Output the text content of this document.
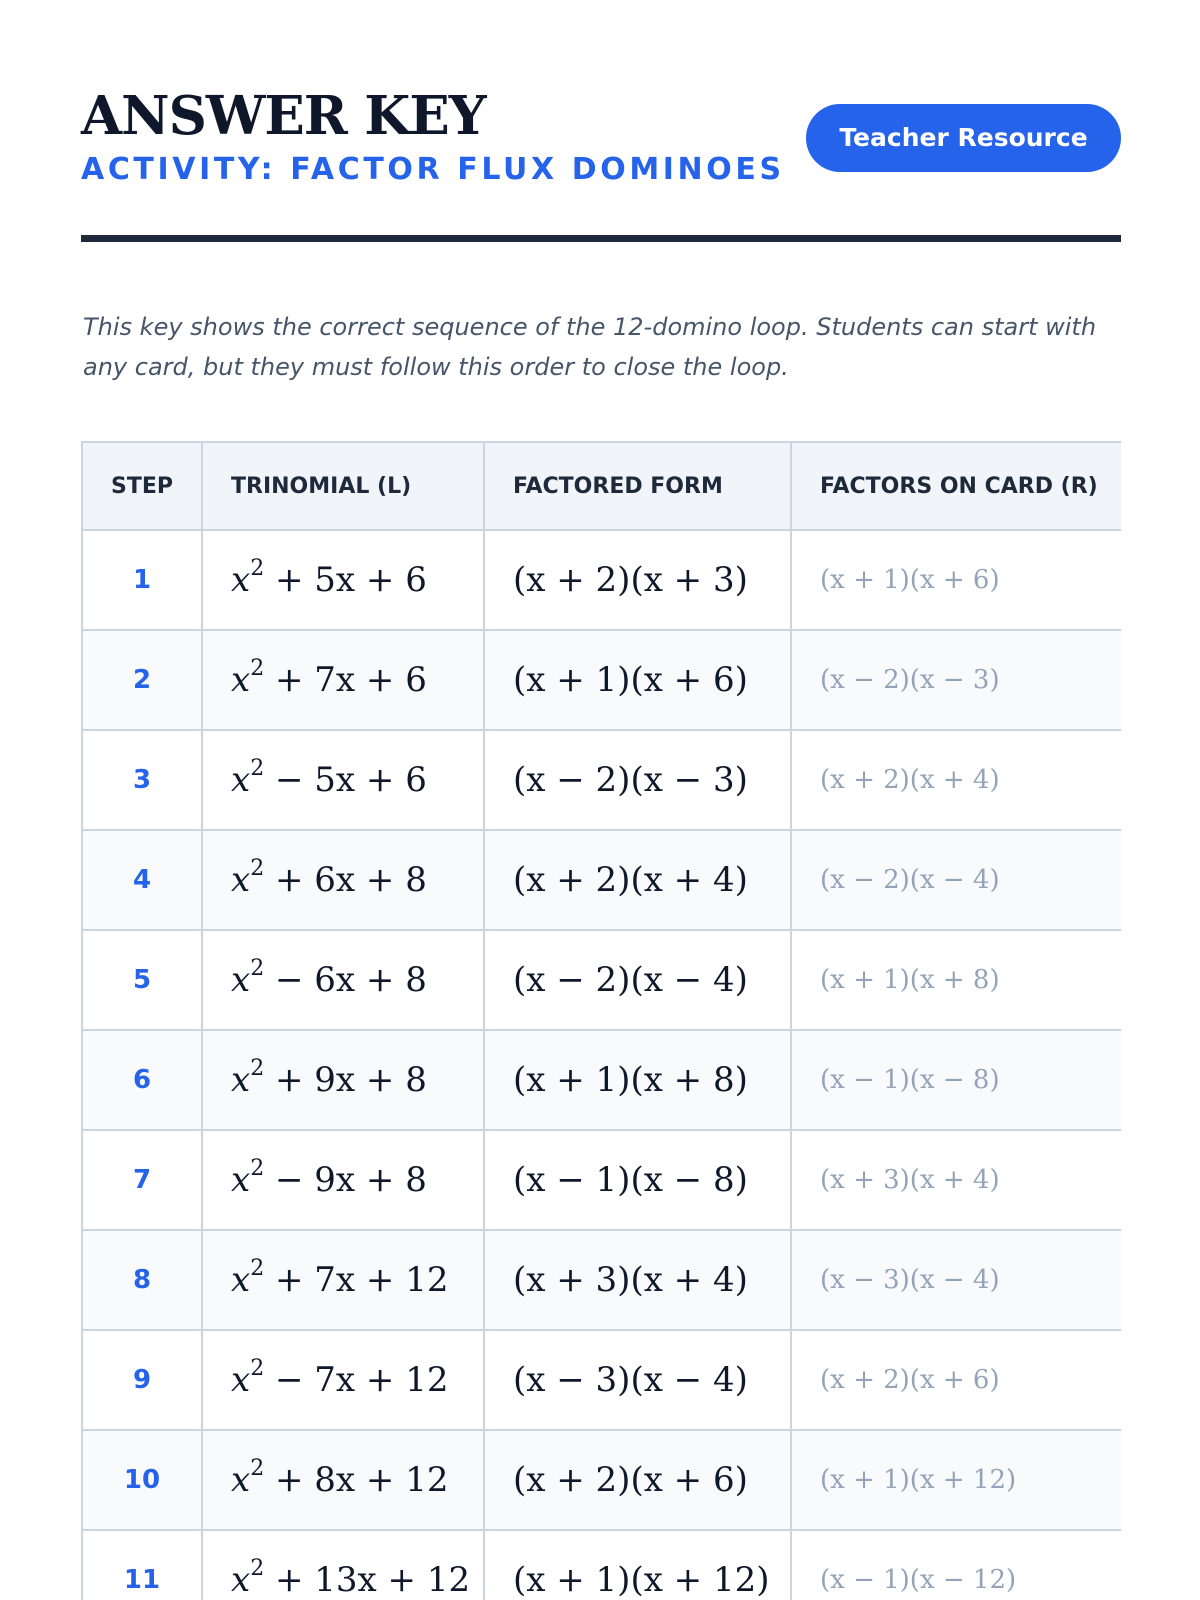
ANSWER KEY
ACTIVITY: FACTOR FLUX DOMINOES
Teacher Resource

This key shows the correct sequence of the 12-domino loop. Students can start with any card, but they must follow this order to close the loop.

STEP	TRINOMIAL (L)	FACTORED FORM	FACTORS ON CARD (R)
1	$x^2 + 5x + 6$	(x + 2)(x + 3)	(x + 1)(x + 6)
2	$x^2 + 7x + 6$	(x + 1)(x + 6)	(x − 2)(x − 3)
3	$x^2 - 5x + 6$	(x − 2)(x − 3)	(x + 2)(x + 4)
4	$x^2 + 6x + 8$	(x + 2)(x + 4)	(x − 2)(x − 4)
5	$x^2 - 6x + 8$	(x − 2)(x − 4)	(x + 1)(x + 8)
6	$x^2 + 9x + 8$	(x + 1)(x + 8)	(x − 1)(x − 8)
7	$x^2 - 9x + 8$	(x − 1)(x − 8)	(x + 3)(x + 4)
8	$x^2 + 7x + 12$	(x + 3)(x + 4)	(x − 3)(x − 4)
9	$x^2 - 7x + 12$	(x − 3)(x − 4)	(x + 2)(x + 6)
10	$x^2 + 8x + 12$	(x + 2)(x + 6)	(x + 1)(x + 12)
11	$x^2 + 13x + 12$	(x + 1)(x + 12)	(x − 1)(x − 12)
